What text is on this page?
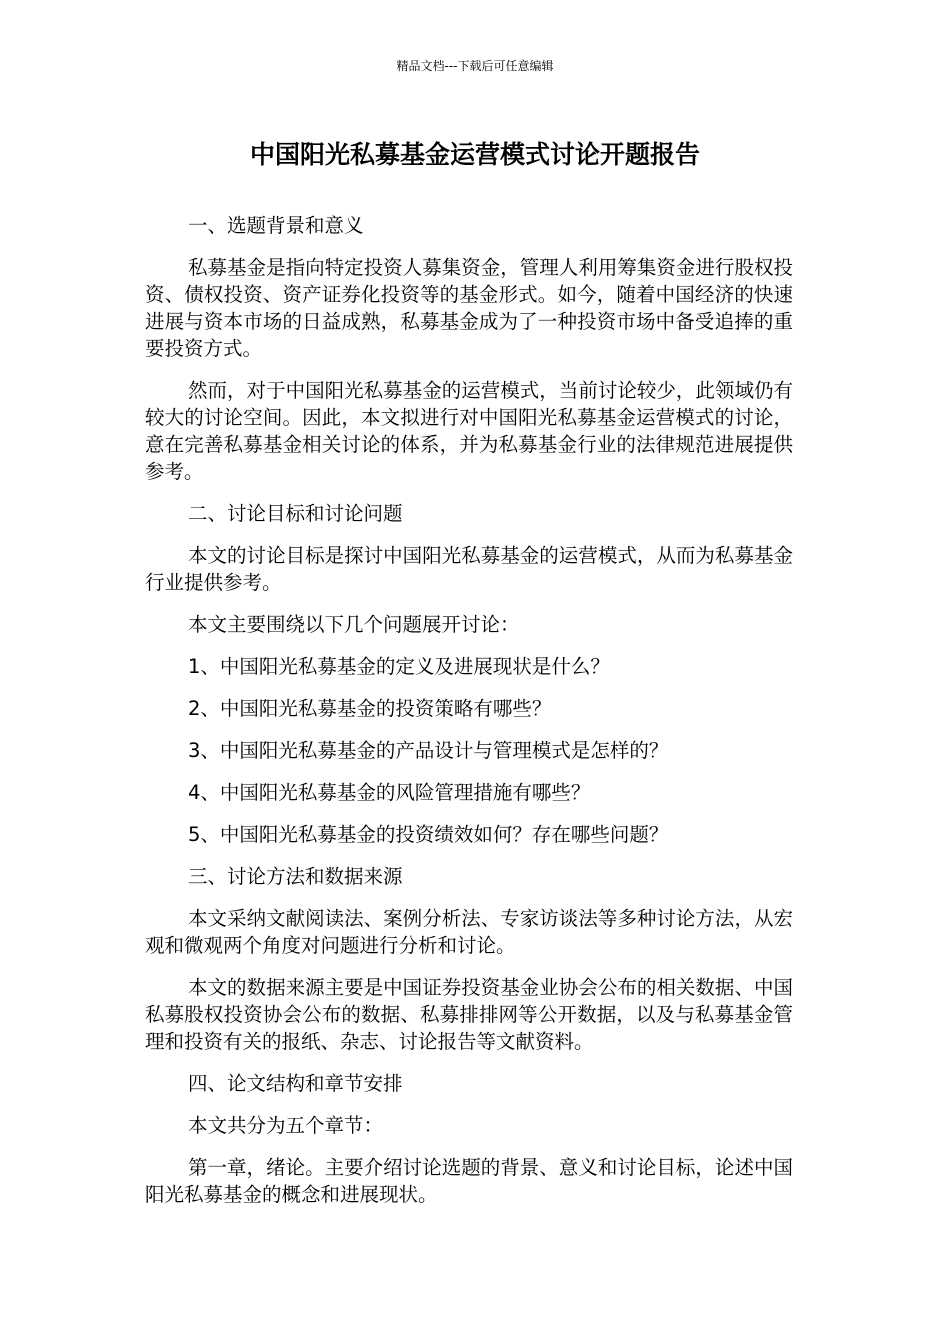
精品文档---下载后可任意编辑
中国阳光私募基金运营模式讨论开题报告

一、选题背景和意义

私募基金是指向特定投资人募集资金，管理人利用筹集资金进行股权投资、债权投资、资产证券化投资等的基金形式。如今，随着中国经济的快速进展与资本市场的日益成熟，私募基金成为了一种投资市场中备受追捧的重要投资方式。

然而，对于中国阳光私募基金的运营模式，当前讨论较少，此领域仍有较大的讨论空间。因此，本文拟进行对中国阳光私募基金运营模式的讨论，意在完善私募基金相关讨论的体系，并为私募基金行业的法律规范进展提供参考。

二、讨论目标和讨论问题

本文的讨论目标是探讨中国阳光私募基金的运营模式，从而为私募基金行业提供参考。

本文主要围绕以下几个问题展开讨论：

1、中国阳光私募基金的定义及进展现状是什么？

2、中国阳光私募基金的投资策略有哪些？

3、中国阳光私募基金的产品设计与管理模式是怎样的？

4、中国阳光私募基金的风险管理措施有哪些？

5、中国阳光私募基金的投资绩效如何？存在哪些问题？

三、讨论方法和数据来源

本文采纳文献阅读法、案例分析法、专家访谈法等多种讨论方法，从宏观和微观两个角度对问题进行分析和讨论。

本文的数据来源主要是中国证券投资基金业协会公布的相关数据、中国私募股权投资协会公布的数据、私募排排网等公开数据，以及与私募基金管理和投资有关的报纸、杂志、讨论报告等文献资料。

四、论文结构和章节安排

本文共分为五个章节：

第一章，绪论。主要介绍讨论选题的背景、意义和讨论目标，论述中国阳光私募基金的概念和进展现状。
